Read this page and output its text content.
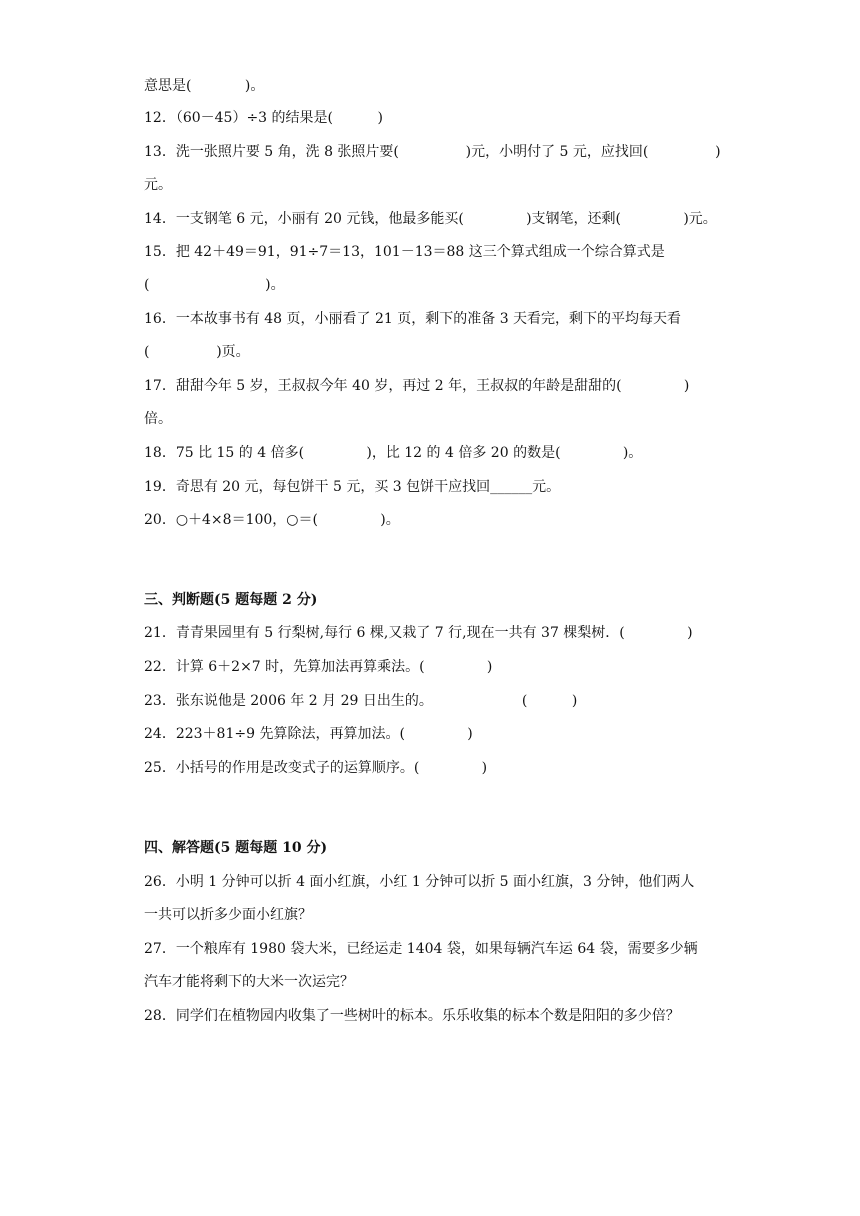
意思是(            )。
12．（60－45）÷3 的结果是(          )
13．洗一张照片要 5 角，洗 8 张照片要(               )元，小明付了 5 元，应找回(               )
元。
14．一支钢笔 6 元，小丽有 20 元钱，他最多能买(              )支钢笔，还剩(              )元。
15．把 42＋49＝91，91÷7＝13，101－13＝88 这三个算式组成一个综合算式是
(                          )。
16．一本故事书有 48 页，小丽看了 21 页，剩下的准备 3 天看完，剩下的平均每天看
(               )页。
17．甜甜今年 5 岁，王叔叔今年 40 岁，再过 2 年，王叔叔的年龄是甜甜的(              )
倍。
18．75 比 15 的 4 倍多(              )，比 12 的 4 倍多 20 的数是(              )。
19．奇思有 20 元，每包饼干 5 元，买 3 包饼干应找回______元。
20．○＋4×8＝100，○＝(              )。
三、判断题(5 题每题 2 分)
21．青青果园里有 5 行梨树,每行 6 棵,又栽了 7 行,现在一共有 37 棵梨树．(              )
22．计算 6＋2×7 时，先算加法再算乘法。(              )
23．张东说他是 2006 年 2 月 29 日出生的。                    (          )
24．223＋81÷9 先算除法，再算加法。(              )
25．小括号的作用是改变式子的运算顺序。(              )
四、解答题(5 题每题 10 分)
26．小明 1 分钟可以折 4 面小红旗，小红 1 分钟可以折 5 面小红旗，3 分钟，他们两人
一共可以折多少面小红旗？
27．一个粮库有 1980 袋大米，已经运走 1404 袋，如果每辆汽车运 64 袋，需要多少辆
汽车才能将剩下的大米一次运完？
28．同学们在植物园内收集了一些树叶的标本。乐乐收集的标本个数是阳阳的多少倍？
